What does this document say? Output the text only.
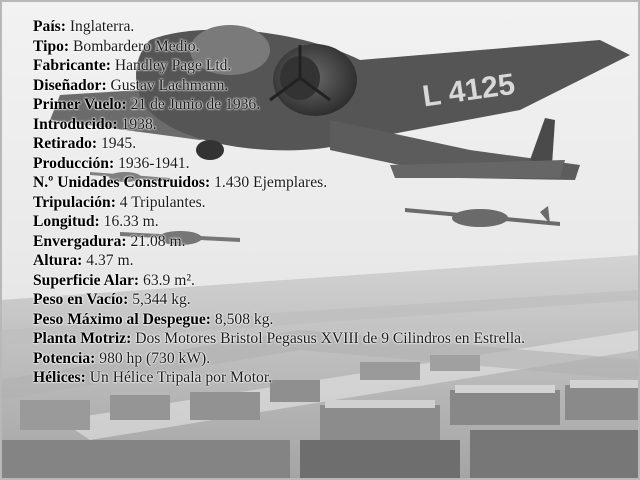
L 4125
País: Inglaterra.
Tipo: Bombardero Medio.
Fabricante: Handley Page Ltd.
Diseñador: Gustav Lachmann.
Primer Vuelo: 21 de Junio de 1936.
Introducido: 1938.
Retirado: 1945.
Producción: 1936-1941.
N.º Unidades Construidos: 1.430 Ejemplares.
Tripulación: 4 Tripulantes.
Longitud: 16.33 m.
Envergadura: 21.08 m.
Altura: 4.37 m.
Superficie Alar: 63.9 m².
Peso en Vacío: 5,344 kg.
Peso Máximo al Despegue: 8,508 kg.
Planta Motriz: Dos Motores Bristol Pegasus XVIII de 9 Cilindros en Estrella.
Potencia: 980 hp (730 kW).
Hélices: Un Hélice Tripala por Motor.
